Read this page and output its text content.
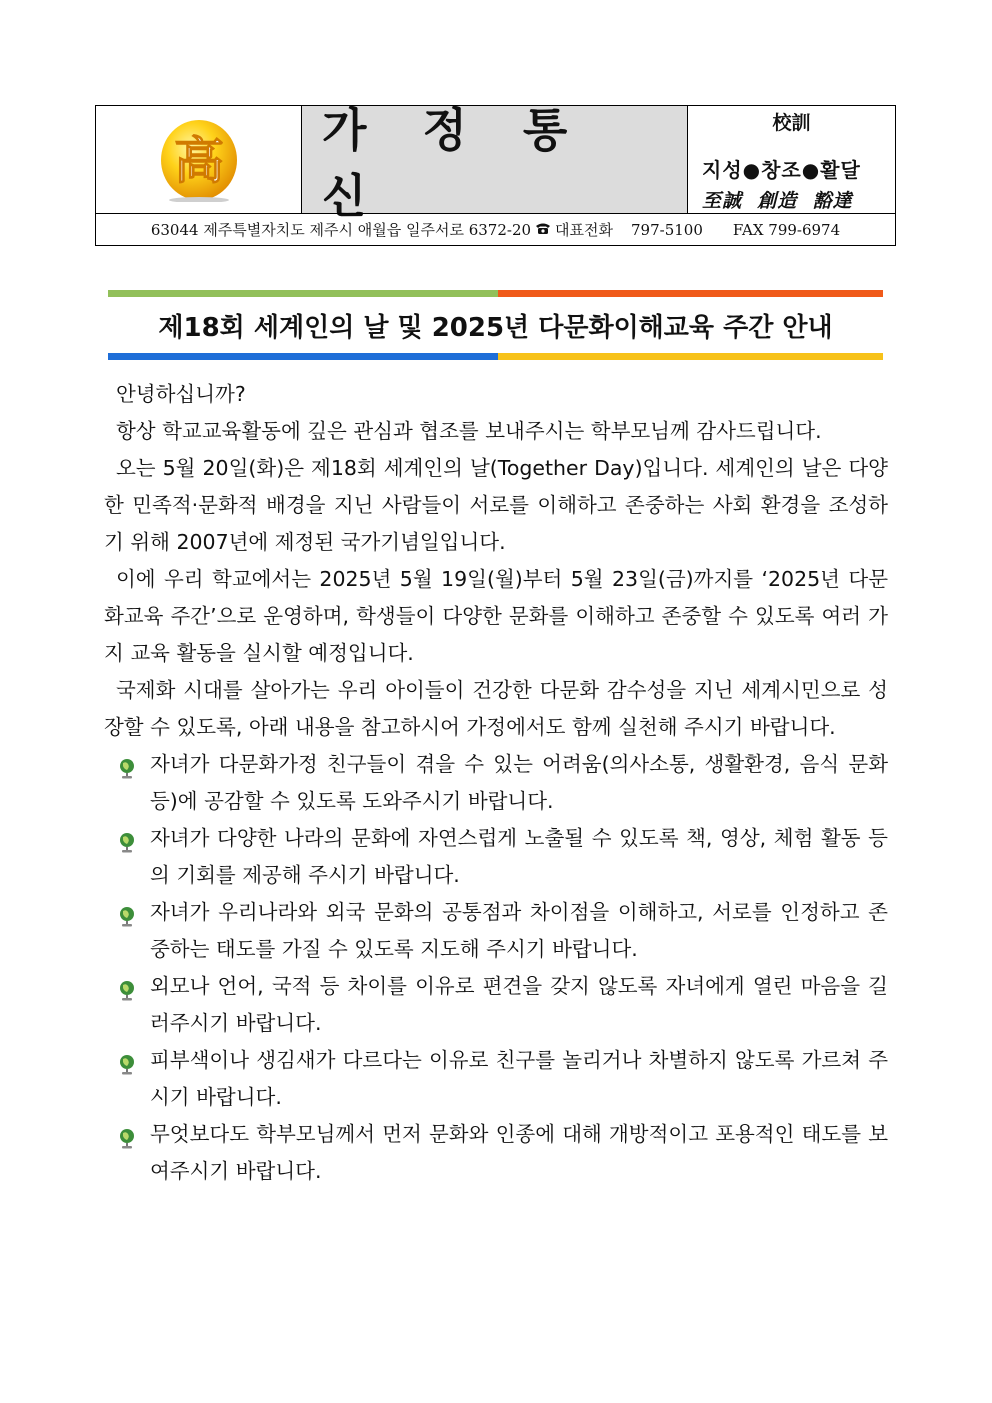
高
가 정 통 신
校訓
지성●창조●활달
至誠  創造  豁達
63044 제주특별자치도 제주시 애월읍 일주서로 6372-20 대표전화 797-5100 FAX 799-6974
제18회 세계인의 날 및 2025년 다문화이해교육 주간 안내

안녕하십니까?

항상 학교교육활동에 깊은 관심과 협조를 보내주시는 학부모님께 감사드립니다.

오는 5월 20일(화)은 제18회 세계인의 날(Together Day)입니다. 세계인의 날은 다양한 민족적·문화적 배경을 지닌 사람들이 서로를 이해하고 존중하는 사회 환경을 조성하기 위해 2007년에 제정된 국가기념일입니다.

이에 우리 학교에서는 2025년 5월 19일(월)부터 5월 23일(금)까지를 ‘2025년 다문화교육 주간’으로 운영하며, 학생들이 다양한 문화를 이해하고 존중할 수 있도록 여러 가지 교육 활동을 실시할 예정입니다.

국제화 시대를 살아가는 우리 아이들이 건강한 다문화 감수성을 지닌 세계시민으로 성장할 수 있도록, 아래 내용을 참고하시어 가정에서도 함께 실천해 주시기 바랍니다.

자녀가 다문화가정 친구들이 겪을 수 있는 어려움(의사소통, 생활환경, 음식 문화 등)에 공감할 수 있도록 도와주시기 바랍니다.
자녀가 다양한 나라의 문화에 자연스럽게 노출될 수 있도록 책, 영상, 체험 활동 등의 기회를 제공해 주시기 바랍니다.
자녀가 우리나라와 외국 문화의 공통점과 차이점을 이해하고, 서로를 인정하고 존중하는 태도를 가질 수 있도록 지도해 주시기 바랍니다.
외모나 언어, 국적 등 차이를 이유로 편견을 갖지 않도록 자녀에게 열린 마음을 길러주시기 바랍니다.
피부색이나 생김새가 다르다는 이유로 친구를 놀리거나 차별하지 않도록 가르쳐 주시기 바랍니다.
무엇보다도 학부모님께서 먼저 문화와 인종에 대해 개방적이고 포용적인 태도를 보여주시기 바랍니다.
